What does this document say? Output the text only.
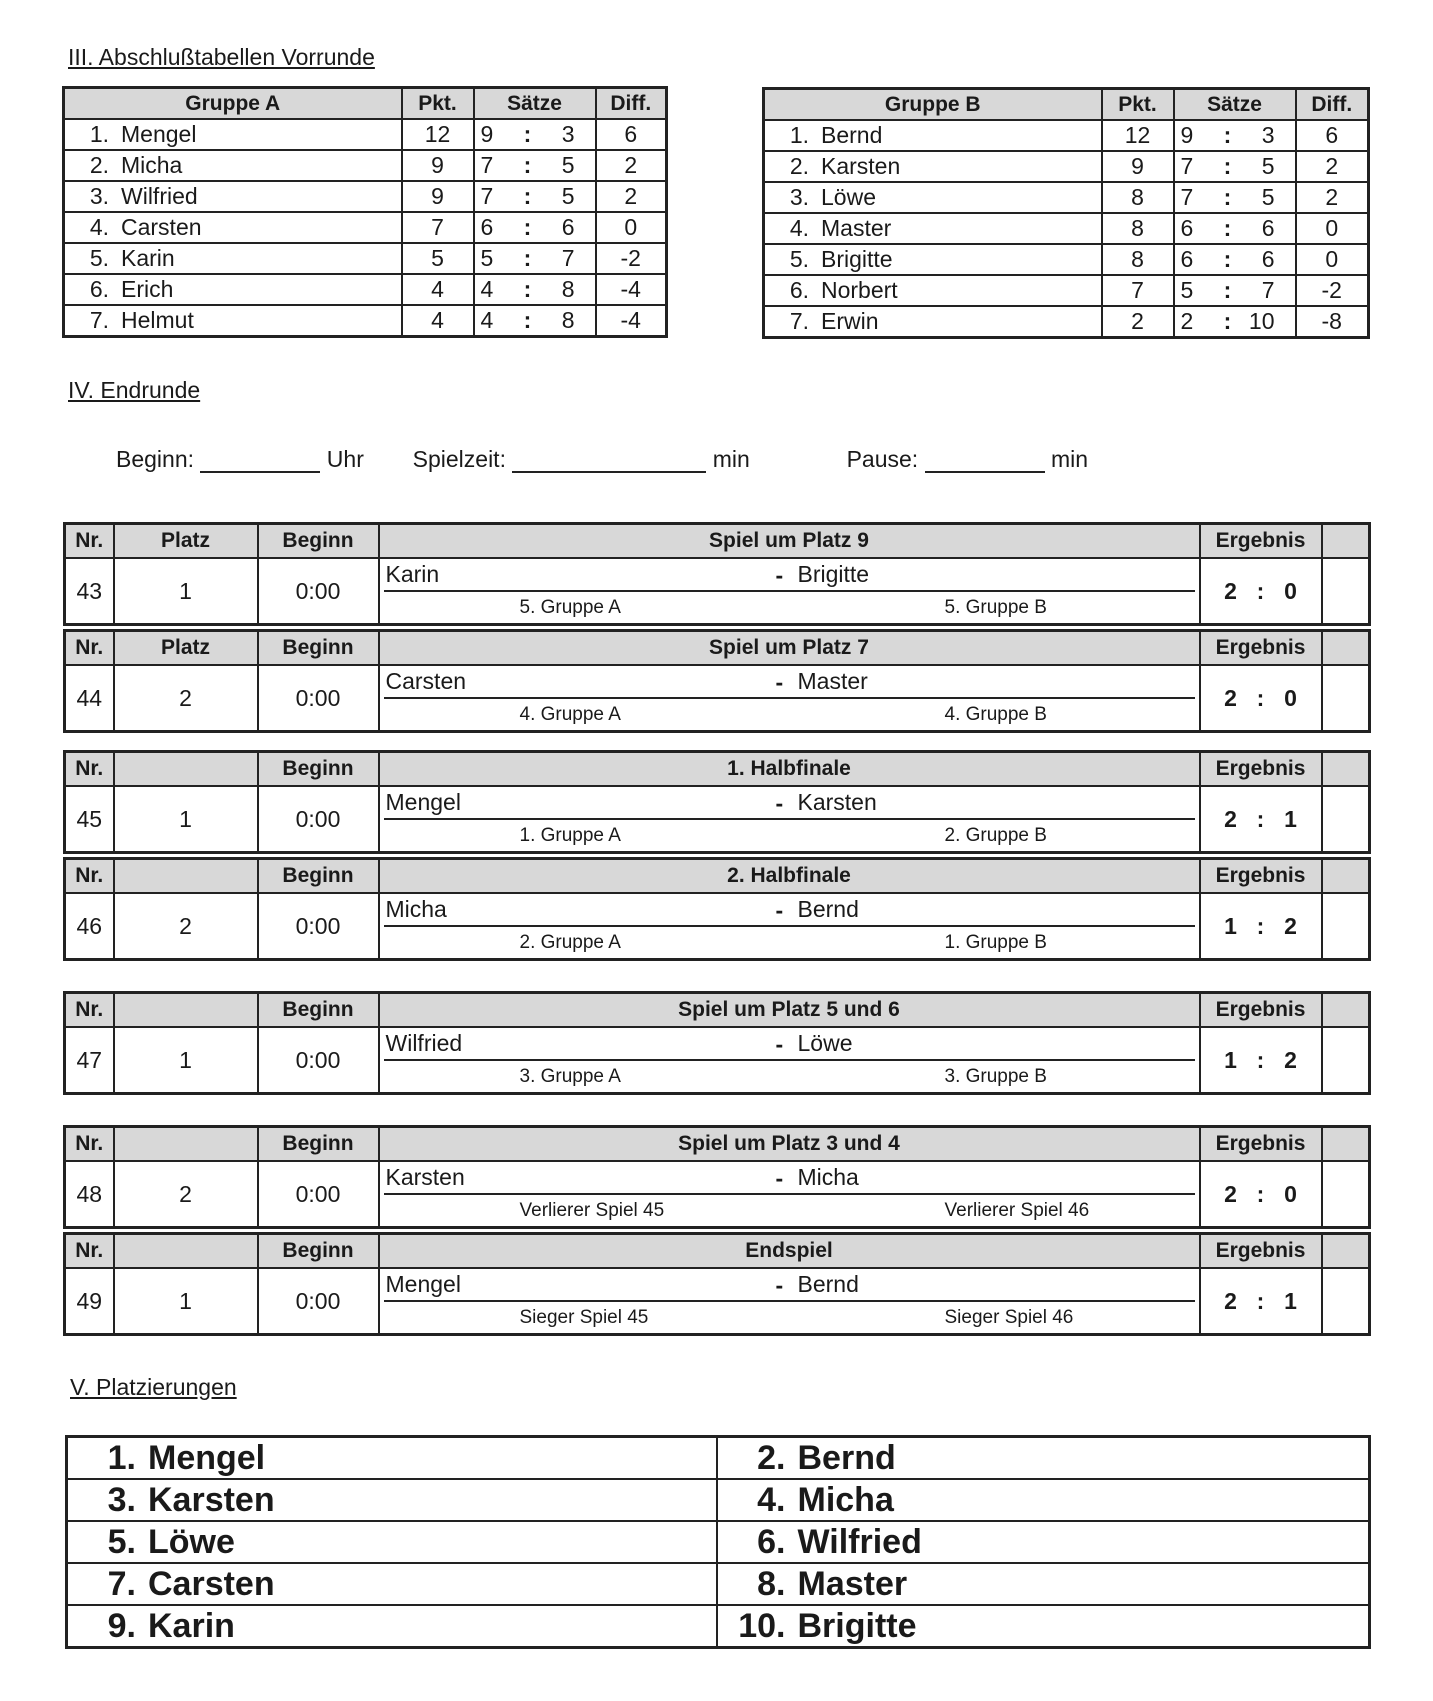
III. Abschlußtabellen Vorrunde
Gruppe A	Pkt.	Sätze	Diff.
1. Mengel	12	9 : 3	6
2. Micha	9	7 : 5	2
3. Wilfried	9	7 : 5	2
4. Carsten	7	6 : 6	0
5. Karin	5	5 : 7	-2
6. Erich	4	4 : 8	-4
7. Helmut	4	4 : 8	-4
Gruppe B	Pkt.	Sätze	Diff.
1. Bernd	12	9 : 3	6
2. Karsten	9	7 : 5	2
3. Löwe	8	7 : 5	2
4. Master	8	6 : 6	0
5. Brigitte	8	6 : 6	0
6. Norbert	7	5 : 7	-2
7. Erwin	2	2 : 10	-8
IV. Endrunde
Beginn:	Uhr Spielzeit:	min	Pause:	min
Nr.	Platz	Beginn	Spiel um Platz 9	Ergebnis	
43	1	0:00	Karin - Brigitte
5. Gruppe A 5. Gruppe B	2 : 0	
Nr.	Platz	Beginn	Spiel um Platz 7	Ergebnis	
44	2	0:00	Carsten - Master
4. Gruppe A 4. Gruppe B	2 : 0	
Nr.		Beginn	1. Halbfinale	Ergebnis	
45	1	0:00	Mengel - Karsten
1. Gruppe A 2. Gruppe B	2 : 1	
Nr.		Beginn	2. Halbfinale	Ergebnis	
46	2	0:00	Micha - Bernd
2. Gruppe A 1. Gruppe B	1 : 2	
Nr.		Beginn	Spiel um Platz 5 und 6	Ergebnis	
47	1	0:00	Wilfried - Löwe
3. Gruppe A 3. Gruppe B	1 : 2	
Nr.		Beginn	Spiel um Platz 3 und 4	Ergebnis	
48	2	0:00	Karsten - Micha
Verlierer Spiel 45 Verlierer Spiel 46	2 : 0	
Nr.		Beginn	Endspiel	Ergebnis	
49	1	0:00	Mengel - Bernd
Sieger Spiel 45 Sieger Spiel 46	2 : 1	
V. Platzierungen
1. Mengel	2. Bernd
3. Karsten	4. Micha
5. Löwe	6. Wilfried
7. Carsten	8. Master
9. Karin	10. Brigitte
